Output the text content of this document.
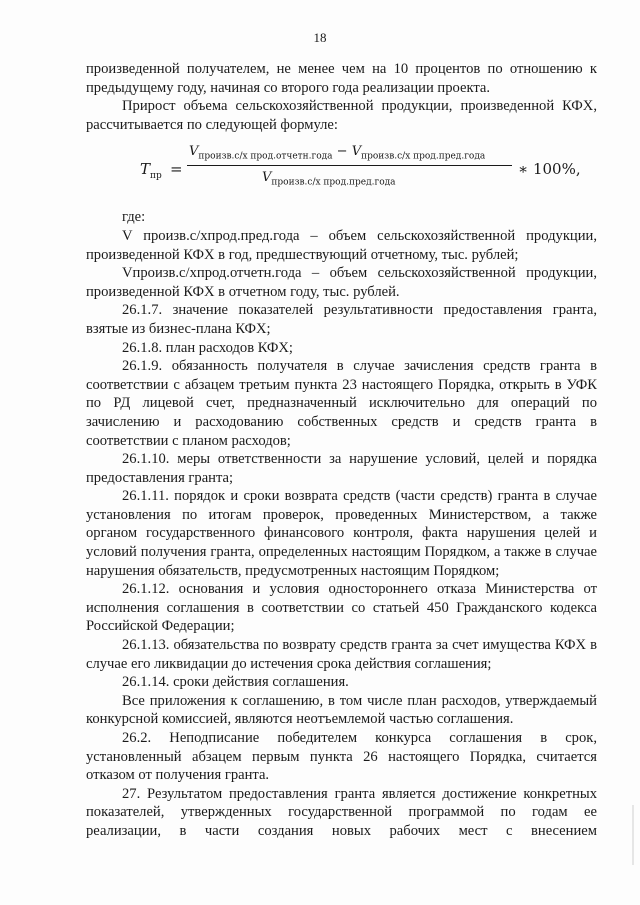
18

произведенной получателем, не менее чем на 10 процентов по отношению к предыдущему году, начиная со второго года реализации проекта.

Прирост объема сельскохозяйственной продукции, произведенной КФХ, рассчитывается по следующей формуле:

$T_{пр}$ =
$V_{произв.с/х прод.отчетн.года} - V_{произв.с/х прод.пред.года}$
$V_{произв.с/х прод.пред.года}$
∗ 100%,

где:

V произв.с/хпрод.пред.года – объем сельскохозяйственной продукции, произведенной КФХ в год, предшествующий отчетному, тыс. рублей;

Vпроизв.с/хпрод.отчетн.года – объем сельскохозяйственной продукции, произведенной КФХ в отчетном году, тыс. рублей.

26.1.7. значение показателей результативности предоставления гранта, взятые из бизнес-плана КФХ;

26.1.8. план расходов КФХ;

26.1.9. обязанность получателя в случае зачисления средств гранта в соответствии с абзацем третьим пункта 23 настоящего Порядка, открыть в УФК по РД лицевой счет, предназначенный исключительно для операций по зачислению и расходованию собственных средств и средств гранта в соответствии с планом расходов;

26.1.10. меры ответственности за нарушение условий, целей и порядка предоставления гранта;

26.1.11. порядок и сроки возврата средств (части средств) гранта в случае установления по итогам проверок, проведенных Министерством, а также органом государственного финансового контроля, факта нарушения целей и условий получения гранта, определенных настоящим Порядком, а также в случае нарушения обязательств, предусмотренных настоящим Порядком;

26.1.12. основания и условия одностороннего отказа Министерства от исполнения соглашения в соответствии со статьей 450 Гражданского кодекса Российской Федерации;

26.1.13. обязательства по возврату средств гранта за счет имущества КФХ в случае его ликвидации до истечения срока действия соглашения;

26.1.14. сроки действия соглашения.

Все приложения к соглашению, в том числе план расходов, утверждаемый конкурсной комиссией, являются неотъемлемой частью соглашения.

26.2. Неподписание победителем конкурса соглашения в срок, установленный абзацем первым пункта 26 настоящего Порядка, считается отказом от получения гранта.

27. Результатом предоставления гранта является достижение конкретных показателей, утвержденных государственной программой по годам ее реализации, в части создания новых рабочих мест с внесением
